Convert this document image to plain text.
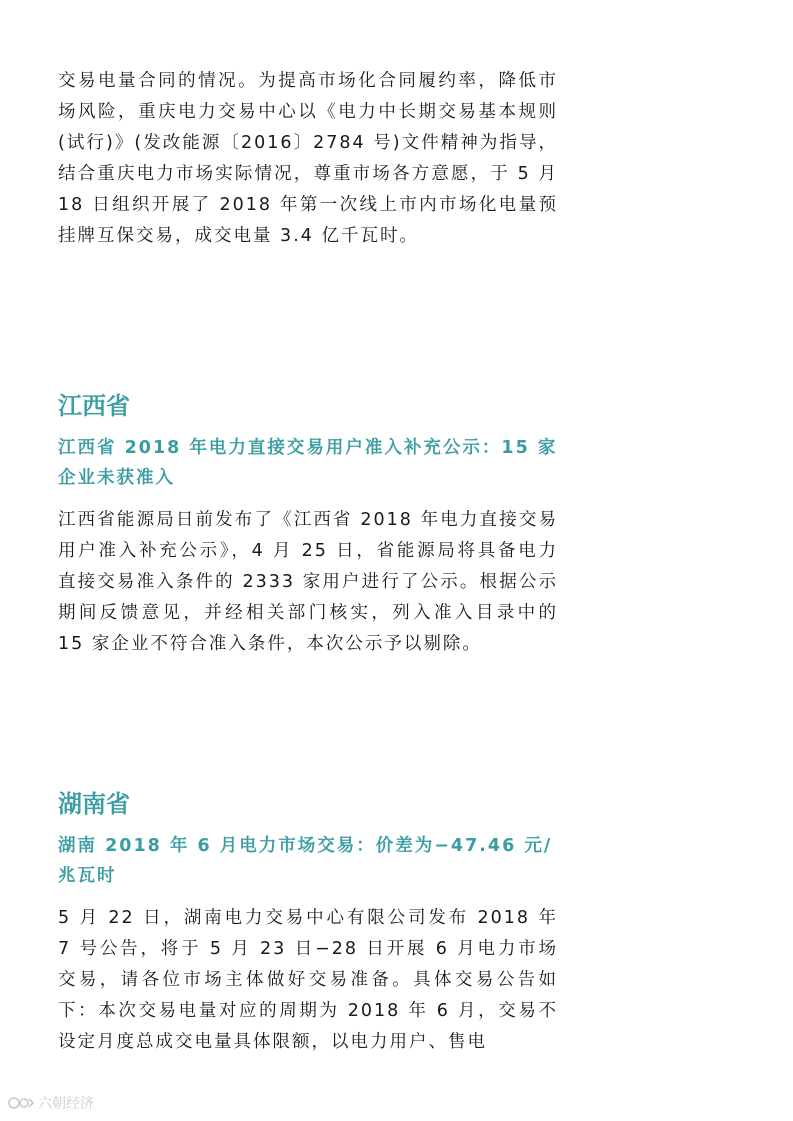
交易电量合同的情况。为提高市场化合同履约率，降低市场风险，重庆电力交易中心以《电力中长期交易基本规则(试行)》(发改能源〔2016〕2784 号)文件精神为指导，结合重庆电力市场实际情况，尊重市场各方意愿，于 5 月 18 日组织开展了 2018 年第一次线上市内市场化电量预挂牌互保交易，成交电量 3.4 亿千瓦时。

江西省
江西省 2018 年电力直接交易用户准入补充公示：15 家企业未获准入

江西省能源局日前发布了《江西省 2018 年电力直接交易用户准入补充公示》，4 月 25 日，省能源局将具备电力直接交易准入条件的 2333 家用户进行了公示。根据公示期间反馈意见，并经相关部门核实，列入准入目录中的 15 家企业不符合准入条件，本次公示予以剔除。

湖南省
湖南 2018 年 6 月电力市场交易：价差为−47.46 元/兆瓦时

5 月 22 日，湖南电力交易中心有限公司发布 2018 年 7 号公告，将于 5 月 23 日−28 日开展 6 月电力市场交易，请各位市场主体做好交易准备。具体交易公告如下：本次交易电量对应的周期为 2018 年 6 月，交易不设定月度总成交电量具体限额，以电力用户、售电

六朝经济
